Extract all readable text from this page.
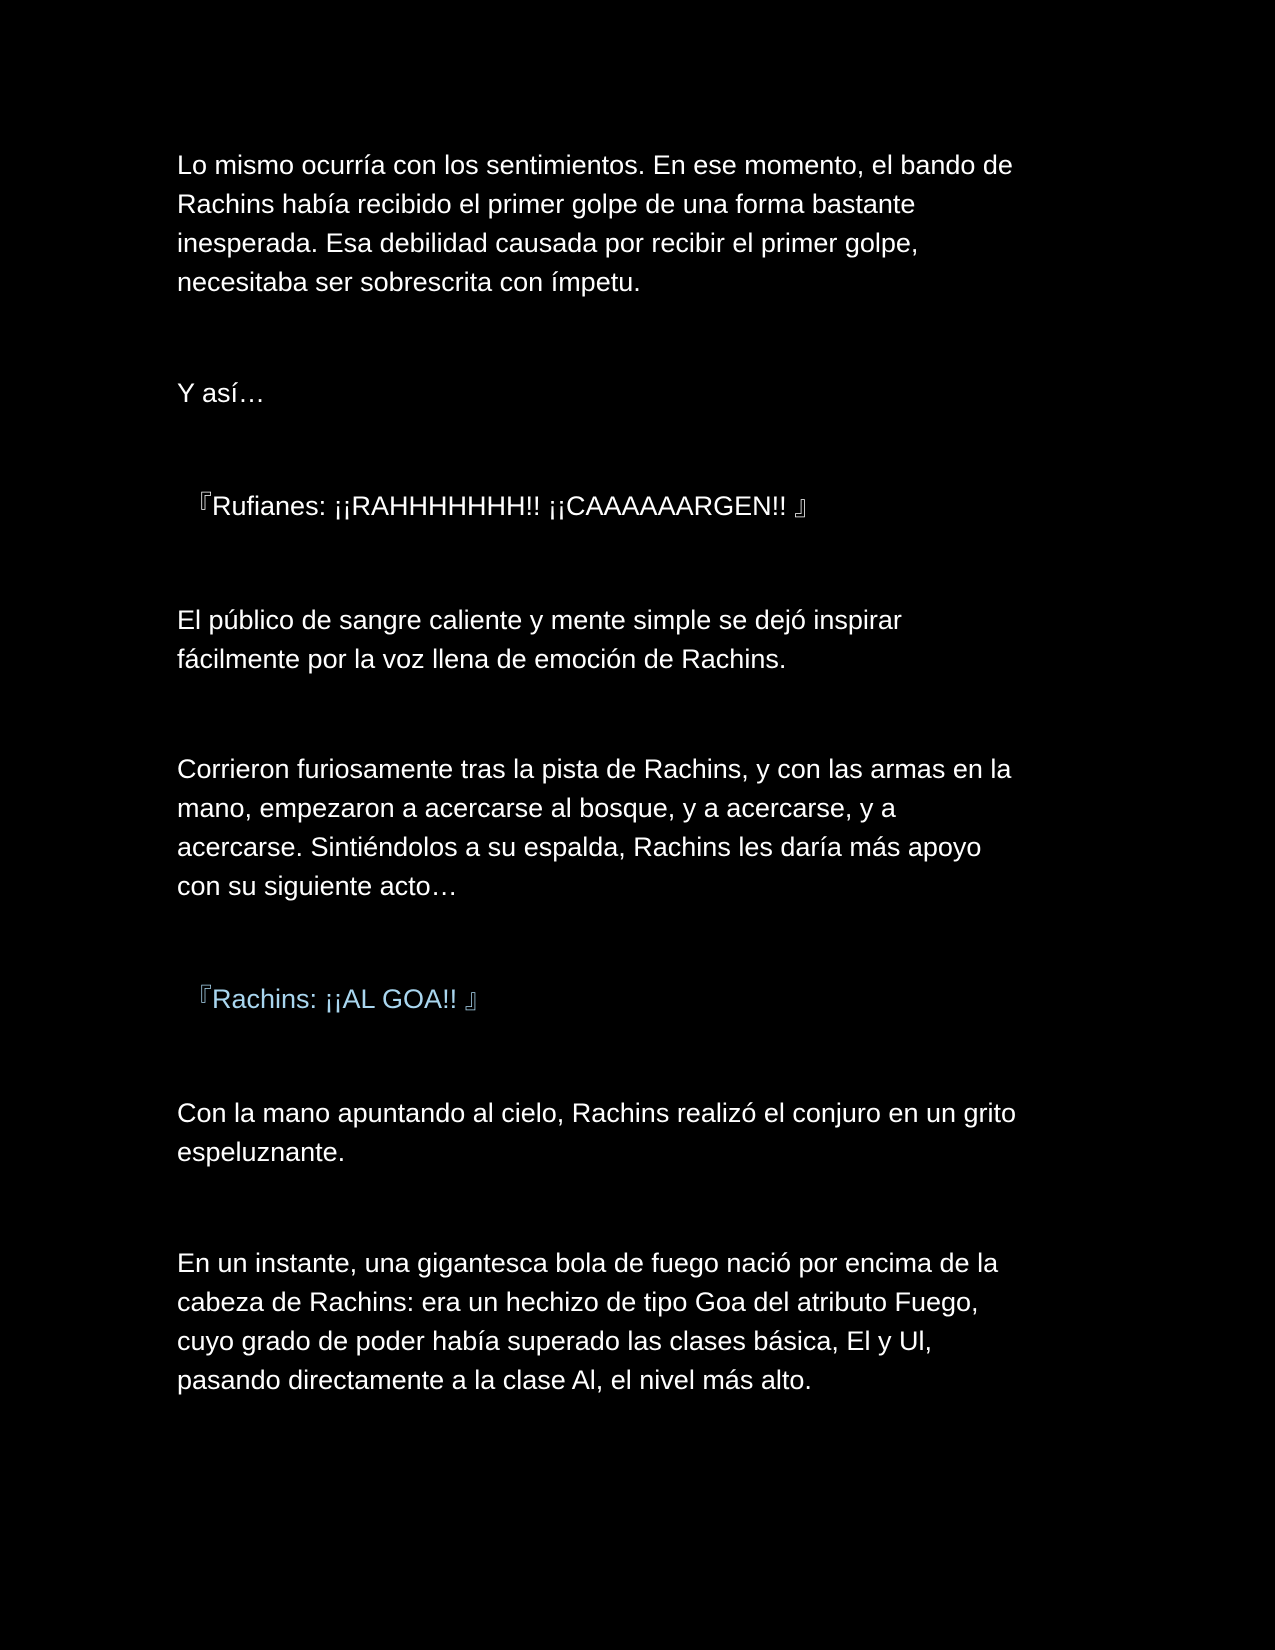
Lo mismo ocurría con los sentimientos. En ese momento, el bando de
Rachins había recibido el primer golpe de una forma bastante
inesperada. Esa debilidad causada por recibir el primer golpe,
necesitaba ser sobrescrita con ímpetu.
Y así…
『Rufianes: ¡¡RAHHHHHHH!! ¡¡CAAAAAARGEN!! 』
El público de sangre caliente y mente simple se dejó inspirar
fácilmente por la voz llena de emoción de Rachins.
Corrieron furiosamente tras la pista de Rachins, y con las armas en la
mano, empezaron a acercarse al bosque, y a acercarse, y a
acercarse. Sintiéndolos a su espalda, Rachins les daría más apoyo
con su siguiente acto…
『Rachins: ¡¡AL GOA!! 』
Con la mano apuntando al cielo, Rachins realizó el conjuro en un grito
espeluznante.
En un instante, una gigantesca bola de fuego nació por encima de la
cabeza de Rachins: era un hechizo de tipo Goa del atributo Fuego,
cuyo grado de poder había superado las clases básica, El y Ul,
pasando directamente a la clase Al, el nivel más alto.
